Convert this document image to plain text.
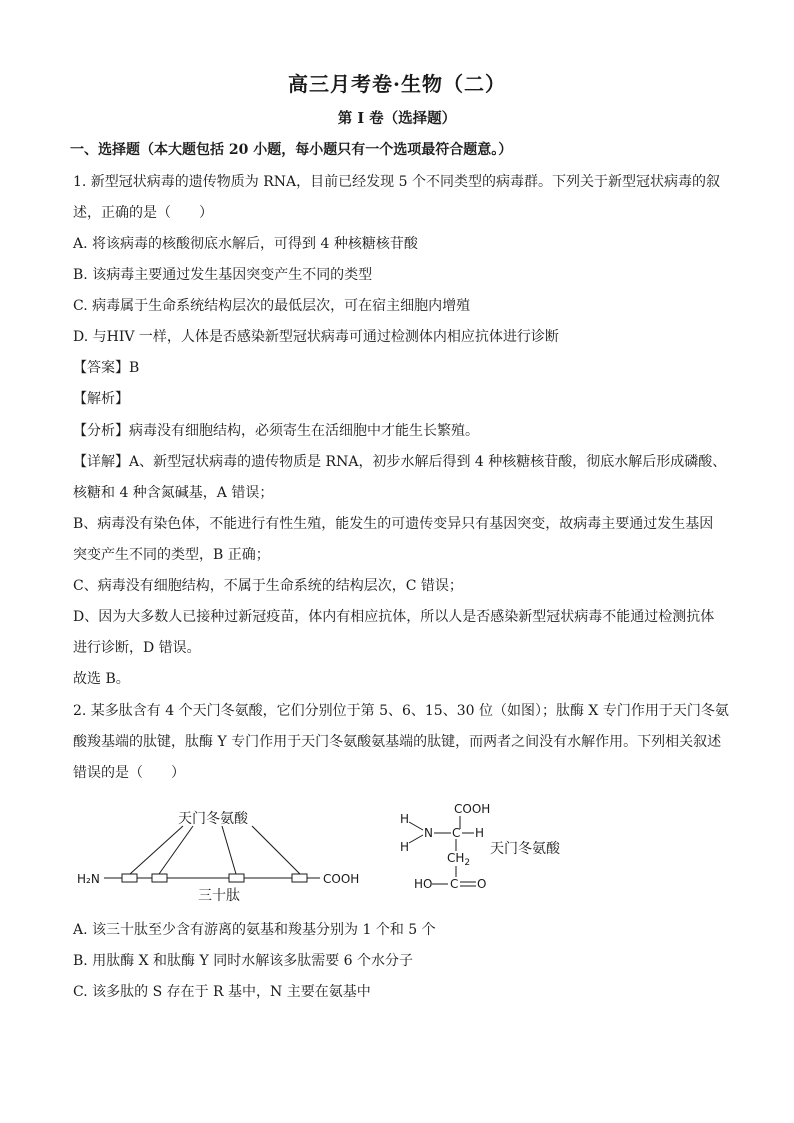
高三月考卷·生物（二）
第 I 卷（选择题）
一、选择题（本大题包括 20 小题，每小题只有一个选项最符合题意。）
1. 新型冠状病毒的遗传物质为 RNA，目前已经发现 5 个不同类型的病毒群。下列关于新型冠状病毒的叙
述，正确的是（　　）
A. 将该病毒的核酸彻底水解后，可得到 4 种核糖核苷酸
B. 该病毒主要通过发生基因突变产生不同的类型
C. 病毒属于生命系统结构层次的最低层次，可在宿主细胞内增殖
D. 与HIV 一样，人体是否感染新型冠状病毒可通过检测体内相应抗体进行诊断
【答案】B
【解析】
【分析】病毒没有细胞结构，必须寄生在活细胞中才能生长繁殖。
【详解】A、新型冠状病毒的遗传物质是 RNA，初步水解后得到 4 种核糖核苷酸，彻底水解后形成磷酸、
核糖和 4 种含氮碱基，A 错误；
B、病毒没有染色体，不能进行有性生殖，能发生的可遗传变异只有基因突变，故病毒主要通过发生基因
突变产生不同的类型，B 正确；
C、病毒没有细胞结构，不属于生命系统的结构层次，C 错误；
D、因为大多数人已接种过新冠疫苗，体内有相应抗体，所以人是否感染新型冠状病毒不能通过检测抗体
进行诊断，D 错误。
故选 B。
2. 某多肽含有 4 个天门冬氨酸，它们分别位于第 5、6、15、30 位（如图）；肽酶 X 专门作用于天门冬氨
酸羧基端的肽键，肽酶 Y 专门作用于天门冬氨酸氨基端的肽键，而两者之间没有水解作用。下列相关叙述
错误的是（　　）
天门冬氨酸
H₂N	COOH
三十肽
COOH
H
H
N C H
$CH_2$
天门冬氨酸
HO C O
A. 该三十肽至少含有游离的氨基和羧基分别为 1 个和 5 个
B. 用肽酶 X 和肽酶 Y 同时水解该多肽需要 6 个水分子
C. 该多肽的 S 存在于 R 基中，N 主要在氨基中
